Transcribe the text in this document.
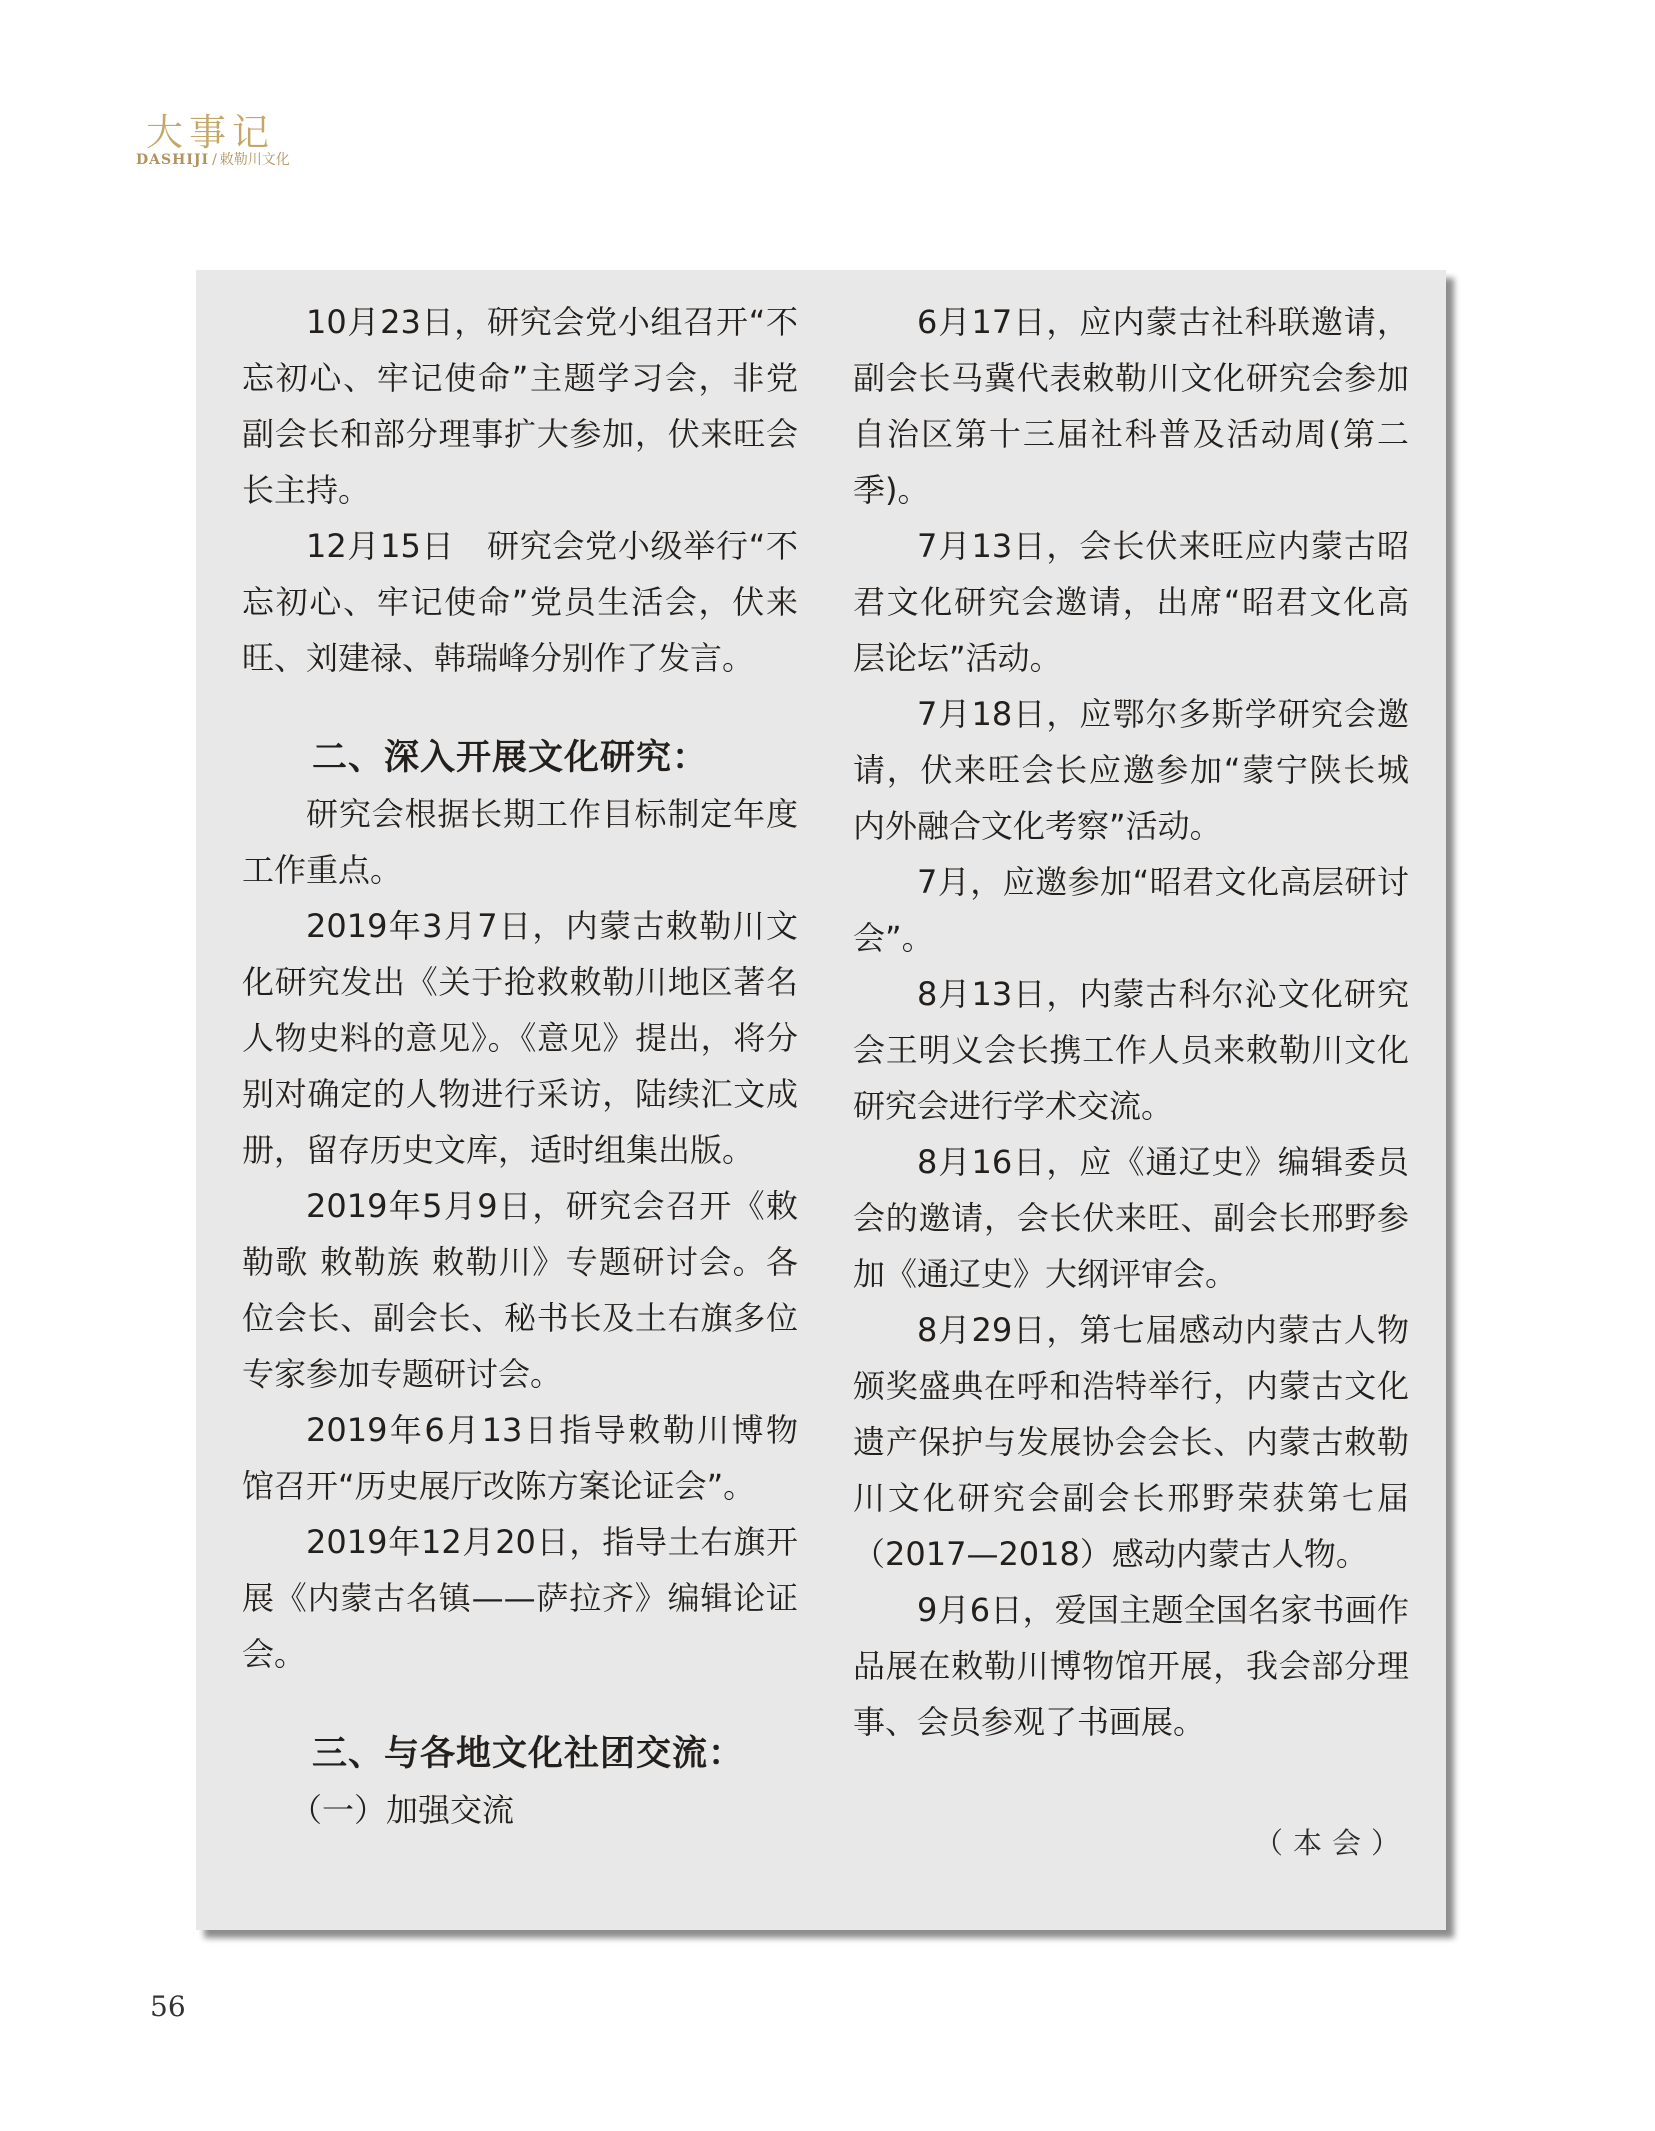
大事记
DASHIJI / 敕勒川文化

10月23日，研究会党小组召开“不忘初心、牢记使命”主题学习会，非党副会长和部分理事扩大参加，伏来旺会长主持。

12月15日　研究会党小级举行“不忘初心、牢记使命”党员生活会，伏来旺、刘建禄、韩瑞峰分别作了发言。

二、深入开展文化研究：

研究会根据长期工作目标制定年度工作重点。

2019年3月7日，内蒙古敕勒川文化研究发出《关于抢救敕勒川地区著名人物史料的意见》。《意见》提出，将分别对确定的人物进行采访，陆续汇文成册，留存历史文库，适时组集出版。

2019年5月9日，研究会召开《敕勒歌 敕勒族 敕勒川》专题研讨会。各位会长、副会长、秘书长及土右旗多位专家参加专题研讨会。

2019年6月13日指导敕勒川博物馆召开“历史展厅改陈方案论证会”。

2019年12月20日，指导土右旗开展《内蒙古名镇——萨拉齐》编辑论证会。

三、与各地文化社团交流：

（一）加强交流

6月17日，应内蒙古社科联邀请，副会长马冀代表敕勒川文化研究会参加自治区第十三届社科普及活动周(第二季)。

7月13日，会长伏来旺应内蒙古昭君文化研究会邀请，出席“昭君文化高层论坛”活动。

7月18日，应鄂尔多斯学研究会邀请，伏来旺会长应邀参加“蒙宁陕长城内外融合文化考察”活动。

7月，应邀参加“昭君文化高层研讨会”。

8月13日，内蒙古科尔沁文化研究会王明义会长携工作人员来敕勒川文化研究会进行学术交流。

8月16日，应《通辽史》编辑委员会的邀请，会长伏来旺、副会长邢野参加《通辽史》大纲评审会。

8月29日，第七届感动内蒙古人物颁奖盛典在呼和浩特举行，内蒙古文化遗产保护与发展协会会长、内蒙古敕勒川文化研究会副会长邢野荣获第七届（2017—2018）感动内蒙古人物。

9月6日，爱国主题全国名家书画作品展在敕勒川博物馆开展，我会部分理事、会员参观了书画展。

（本会）
56
